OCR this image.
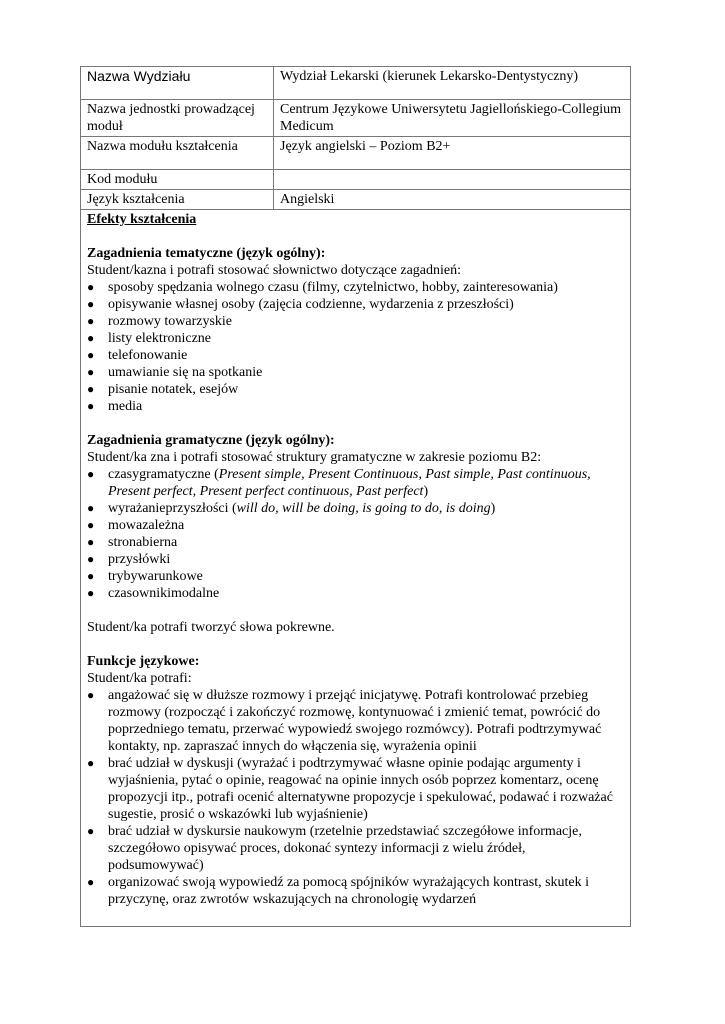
Nazwa Wydziału	Wydział Lekarski (kierunek Lekarsko-Dentystyczny)
Nazwa jednostki prowadzącej moduł	Centrum Językowe Uniwersytetu Jagiellońskiego-Collegium Medicum
Nazwa modułu kształcenia	Język angielski – Poziom B2+
Kod modułu	
Język kształcenia	Angielski
Efekty kształcenia
Zagadnienia tematyczne (język ogólny):
Student/kazna i potrafi stosować słownictwo dotyczące zagadnień:
● sposoby spędzania wolnego czasu (filmy, czytelnictwo, hobby, zainteresowania)
● opisywanie własnej osoby (zajęcia codzienne, wydarzenia z przeszłości)
● rozmowy towarzyskie
● listy elektroniczne
● telefonowanie
● umawianie się na spotkanie
● pisanie notatek, esejów
● media
Zagadnienia gramatyczne (język ogólny):
Student/ka zna i potrafi stosować struktury gramatyczne w zakresie poziomu B2:
● czasygramatyczne (Present simple, Present Continuous, Past simple, Past continuous, Present perfect, Present perfect continuous, Past perfect)
● wyrażanieprzyszłości (will do, will be doing, is going to do, is doing)
● mowazależna
● stronabierna
● przysłówki
● trybywarunkowe
● czasownikimodalne
Student/ka potrafi tworzyć słowa pokrewne.
Funkcje językowe:
Student/ka potrafi:
● angażować się w dłuższe rozmowy i przejąć inicjatywę. Potrafi kontrolować przebieg rozmowy (rozpocząć i zakończyć rozmowę, kontynuować i zmienić temat, powrócić do poprzedniego tematu, przerwać wypowiedź swojego rozmówcy). Potrafi podtrzymywać kontakty, np. zapraszać innych do włączenia się, wyrażenia opinii
● brać udział w dyskusji (wyrażać i podtrzymywać własne opinie podając argumenty i wyjaśnienia, pytać o opinie, reagować na opinie innych osób poprzez komentarz, ocenę propozycji itp., potrafi ocenić alternatywne propozycje i spekulować, podawać i rozważać sugestie, prosić o wskazówki lub wyjaśnienie)
● brać udział w dyskursie naukowym (rzetelnie przedstawiać szczegółowe informacje, szczegółowo opisywać proces, dokonać syntezy informacji z wielu źródeł, podsumowywać)
● organizować swoją wypowiedź za pomocą spójników wyrażających kontrast, skutek i przyczynę, oraz zwrotów wskazujących na chronologię wydarzeń
